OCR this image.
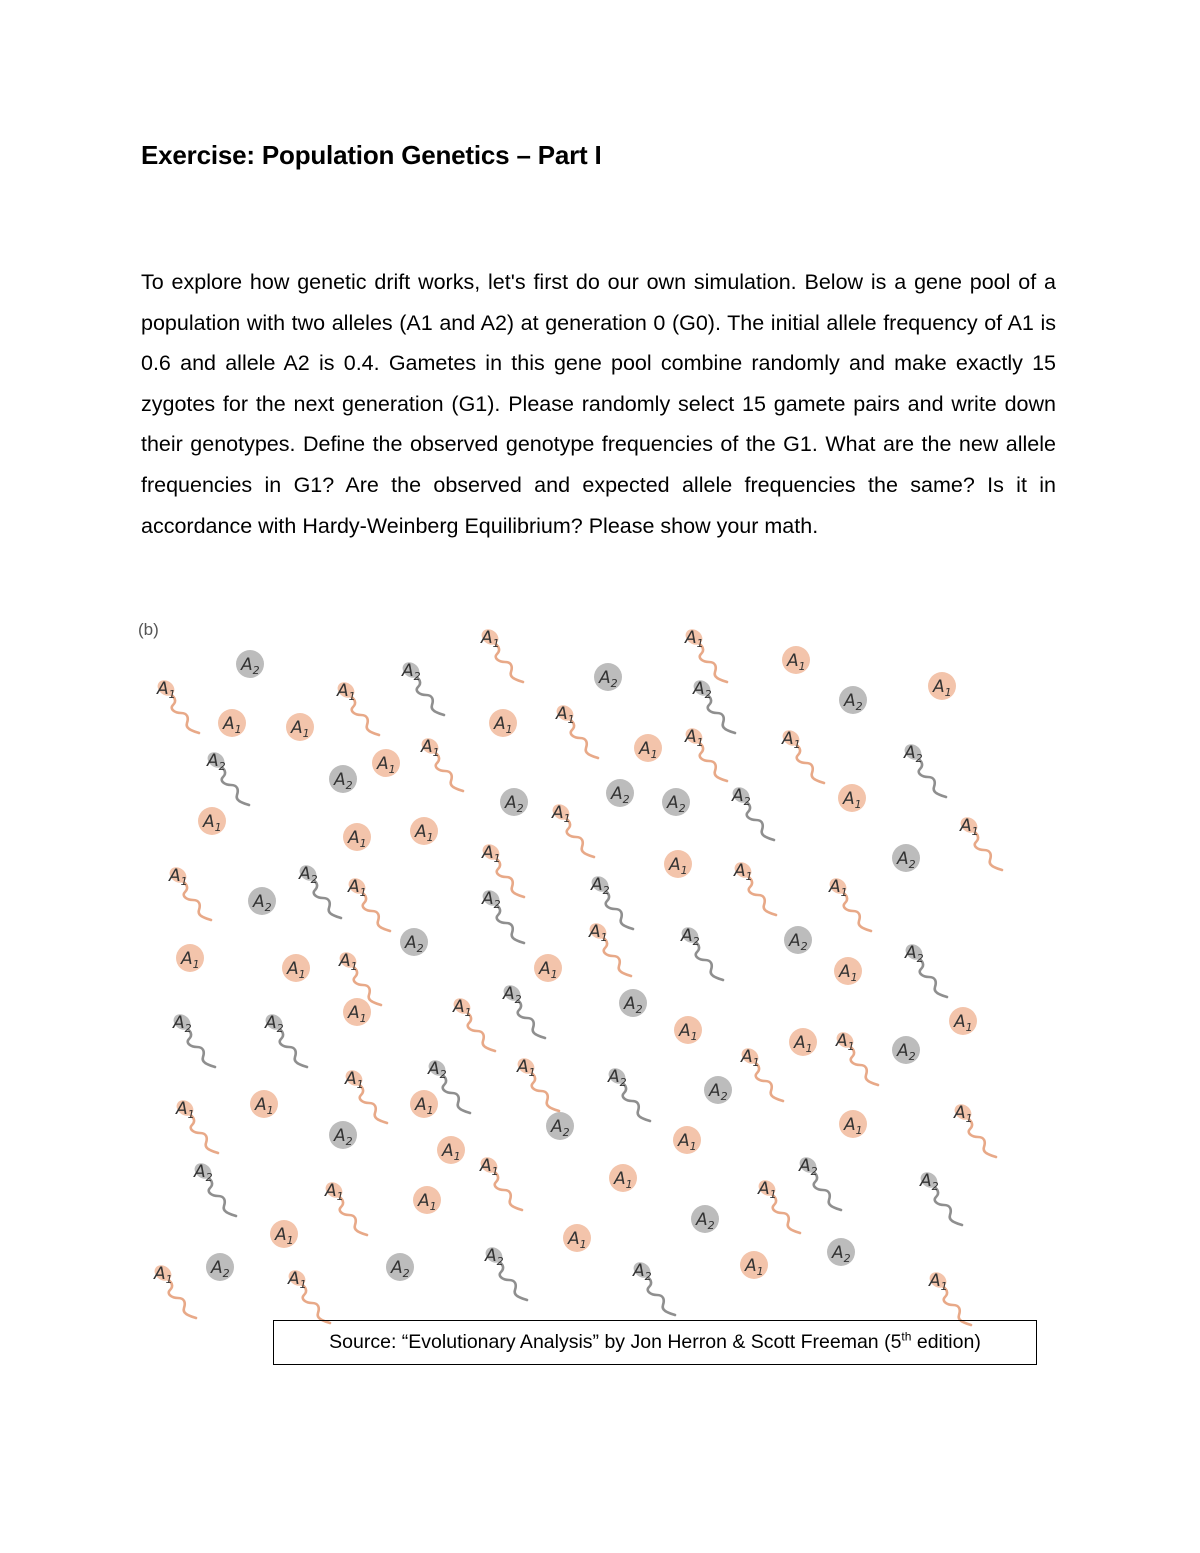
Exercise: Population Genetics – Part I

To explore how genetic drift works, let's first do our own simulation. Below is a gene pool of a population with two alleles (A1 and A2) at generation 0 (G0). The initial allele frequency of A1 is 0.6 and allele A2 is 0.4. Gametes in this gene pool combine randomly and make exactly 15 zygotes for the next generation (G1). Please randomly select 15 gamete pairs and write down their genotypes. Define the observed genotype frequencies of the G1. What are the new allele frequencies in G1? Are the observed and expected allele frequencies the same? Is it in accordance with Hardy-Weinberg Equilibrium? Please show your math.

(b)
$A_2$
$A_1$	$A_1$
$A_2$
$A_1$
$A_1$
$A_1$
$A_1$
$A_2$
$A_2$
$A_1$	$A_1$
$A_1$
$A_1$
$A_2$
$A_1$
$A_1$
$A_1$
$A_1$
$A_2$	$A_2$
$A_2$
$A_1$
$A_2$
$A_2$
$A_1$
$A_2$
$A_1$
$A_2$
$A_1$
$A_2$
$A_1$
$A_1$
$A_1$
$A_1$
$A_2$
$A_1$
$A_1$
$A_2$
$A_2$
$A_1$
$A_1$	$A_2$
$A_1$
$A_2$
$A_1$
$A_1$
$A_2$
$A_1$
$A_2$
$A_1$
$A_2$
$A_1$
$A_1$
$A_2$
$A_1$
$A_2$ $A_1$
$A_1$
$A_2$	$A_2$
$A_1$
$A_1$
$A_2$
$A_2$
$A_1$
$A_1$	$A_1$
$A_1$
$A_1$
$A_1$
$A_1$
$A_2$
$A_2$
$A_1$
$A_1$
$A_2$
$A_1$	$A_2$
$A_1$
$A_2$	$A_2$
$A_1$
$A_2$
$A_1$	$A_1$
$A_2$
$A_1$
$A_1$
$A_2$
$A_2$
$A_1$
$A_2$
$A_1$
$A_1$
$A_2$
$A_1$
$A_2$
$A_1$
$A_1$
Source: “Evolutionary Analysis” by Jon Herron & Scott Freeman (5th edition)
